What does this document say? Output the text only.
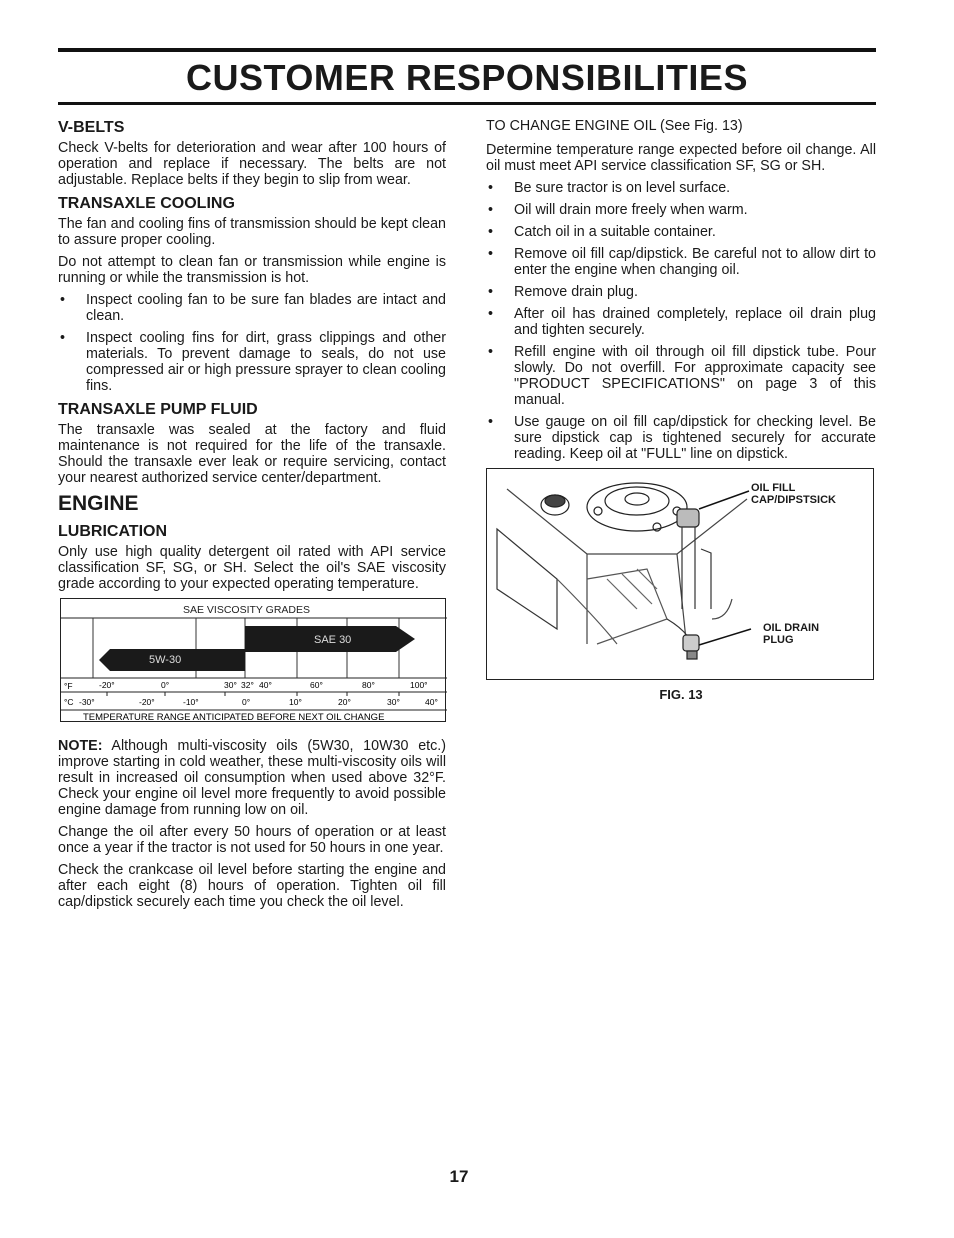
CUSTOMER RESPONSIBILITIES
V-BELTS

Check V-belts for deterioration and wear after 100 hours of operation and replace if necessary. The belts are not adjustable. Replace belts if they begin to slip from wear.

TRANSAXLE COOLING

The fan and cooling fins of transmission should be kept clean to assure proper cooling.

Do not attempt to clean fan or transmission while engine is running or while the transmission is hot.

• Inspect cooling fan to be sure fan blades are intact and clean.
• Inspect cooling fins for dirt, grass clippings and other materials. To prevent damage to seals, do not use compressed air or high pressure sprayer to clean cooling fins.
TRANSAXLE PUMP FLUID

The transaxle was sealed at the factory and fluid maintenance is not required for the life of the transaxle. Should the transaxle ever leak or require servicing, contact your nearest authorized service center/department.

ENGINE
LUBRICATION

Only use high quality detergent oil rated with API service classification SF, SG, or SH. Select the oil's SAE viscosity grade according to your expected operating temperature.

SAE 30
5W-30
SAE VISCOSITY GRADES
°F	-20°	0°	30° 32° 40°	60°	80°	100°
°C -30°	-20°	-10°	0°	10°	20°	30°	40°
TEMPERATURE RANGE ANTICIPATED BEFORE NEXT OIL CHANGE

NOTE: Although multi-viscosity oils (5W30, 10W30 etc.) improve starting in cold weather, these multi-viscosity oils will result in increased oil consumption when used above 32°F. Check your engine oil level more frequently to avoid possible engine damage from running low on oil.

Change the oil after every 50 hours of operation or at least once a year if the tractor is not used for 50 hours in one year.

Check the crankcase oil level before starting the engine and after each eight (8) hours of operation. Tighten oil fill cap/dipstick securely each time you check the oil level.

TO CHANGE ENGINE OIL (See Fig. 13)

Determine temperature range expected before oil change. All oil must meet API service classification SF, SG or SH.

• Be sure tractor is on level surface.
• Oil will drain more freely when warm.
• Catch oil in a suitable container.
• Remove oil fill cap/dipstick. Be careful not to allow dirt to enter the engine when changing oil.
• Remove drain plug.
• After oil has drained completely, replace oil drain plug and tighten securely.
• Refill engine with oil through oil fill dipstick tube. Pour slowly. Do not overfill. For approximate capacity see "PRODUCT SPECIFICATIONS" on page 3 of this manual.
• Use gauge on oil fill cap/dipstick for checking level. Be sure dipstick cap is tightened securely for accurate reading. Keep oil at "FULL" line on dipstick.
OIL FILL
CAP/DIPSTSICK
OIL DRAIN
PLUG
FIG. 13
17
